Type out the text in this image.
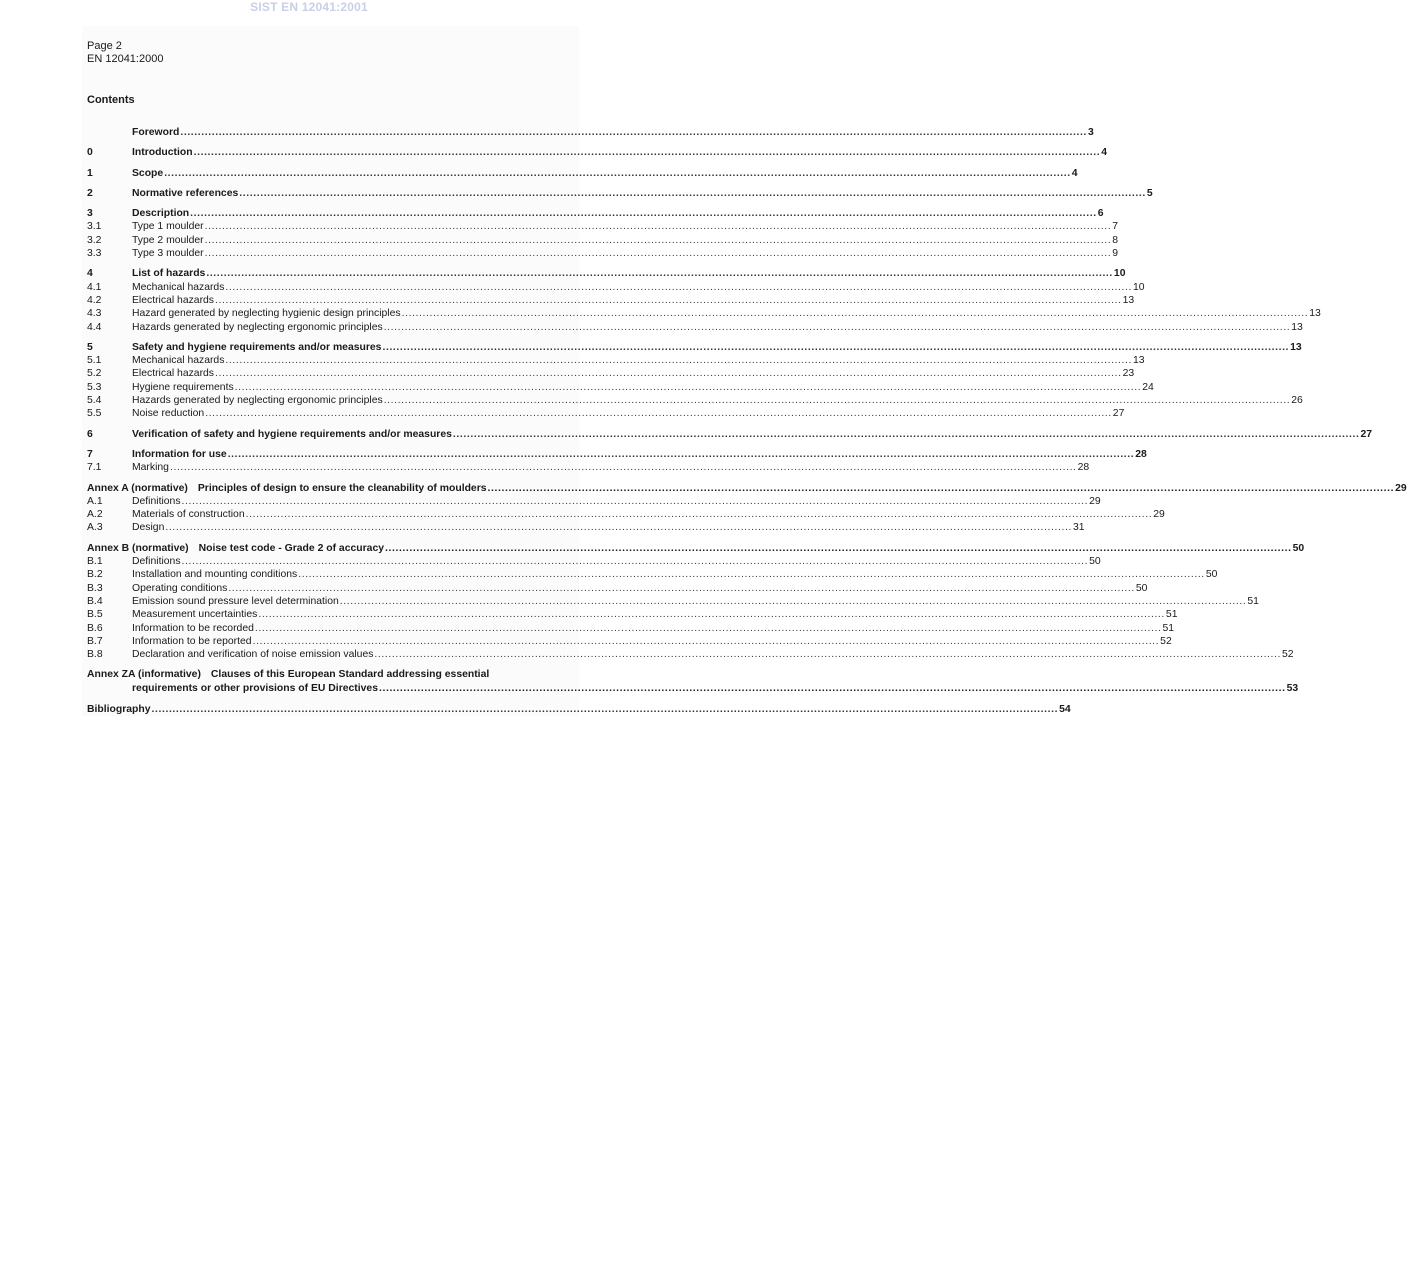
SIST EN 12041:2001
Page 2
EN 12041:2000
Contents
Foreword .................................................................................................................................................................................................................................................................... 3
0	Introduction .................................................................................................................................................................................................................................................................... 4
1	Scope .................................................................................................................................................................................................................................................................... 4
2	Normative references .................................................................................................................................................................................................................................................................... 5
3	Description .................................................................................................................................................................................................................................................................... 6
3.1	Type 1 moulder .................................................................................................................................................................................................................................................................... 7
3.2	Type 2 moulder .................................................................................................................................................................................................................................................................... 8
3.3	Type 3 moulder .................................................................................................................................................................................................................................................................... 9
4	List of hazards .................................................................................................................................................................................................................................................................... 10
4.1	Mechanical hazards .................................................................................................................................................................................................................................................................... 10
4.2	Electrical hazards .................................................................................................................................................................................................................................................................... 13
4.3	Hazard generated by neglecting hygienic design principles .................................................................................................................................................................................................................................................................... 13
4.4	Hazards generated by neglecting ergonomic principles .................................................................................................................................................................................................................................................................... 13
5	Safety and hygiene requirements and/or measures .................................................................................................................................................................................................................................................................... 13
5.1	Mechanical hazards .................................................................................................................................................................................................................................................................... 13
5.2	Electrical hazards .................................................................................................................................................................................................................................................................... 23
5.3	Hygiene requirements .................................................................................................................................................................................................................................................................... 24
5.4	Hazards generated by neglecting ergonomic principles .................................................................................................................................................................................................................................................................... 26
5.5	Noise reduction .................................................................................................................................................................................................................................................................... 27
6	Verification of safety and hygiene requirements and/or measures .................................................................................................................................................................................................................................................................... 27
7	Information for use .................................................................................................................................................................................................................................................................... 28
7.1	Marking .................................................................................................................................................................................................................................................................... 28
Annex A (normative) Principles of design to ensure the cleanability of moulders .................................................................................................................................................................................................................................................................... 29
A.1	Definitions .................................................................................................................................................................................................................................................................... 29
A.2	Materials of construction .................................................................................................................................................................................................................................................................... 29
A.3	Design .................................................................................................................................................................................................................................................................... 31
Annex B (normative) Noise test code - Grade 2 of accuracy .................................................................................................................................................................................................................................................................... 50
B.1	Definitions .................................................................................................................................................................................................................................................................... 50
B.2	Installation and mounting conditions .................................................................................................................................................................................................................................................................... 50
B.3	Operating conditions .................................................................................................................................................................................................................................................................... 50
B.4	Emission sound pressure level determination .................................................................................................................................................................................................................................................................... 51
B.5	Measurement uncertainties .................................................................................................................................................................................................................................................................... 51
B.6	Information to be recorded .................................................................................................................................................................................................................................................................... 51
B.7	Information to be reported .................................................................................................................................................................................................................................................................... 52
B.8	Declaration and verification of noise emission values .................................................................................................................................................................................................................................................................... 52
Annex ZA (informative) Clauses of this European Standard addressing essential
requirements or other provisions of EU Directives .................................................................................................................................................................................................................................................................... 53
Bibliography .................................................................................................................................................................................................................................................................... 54
